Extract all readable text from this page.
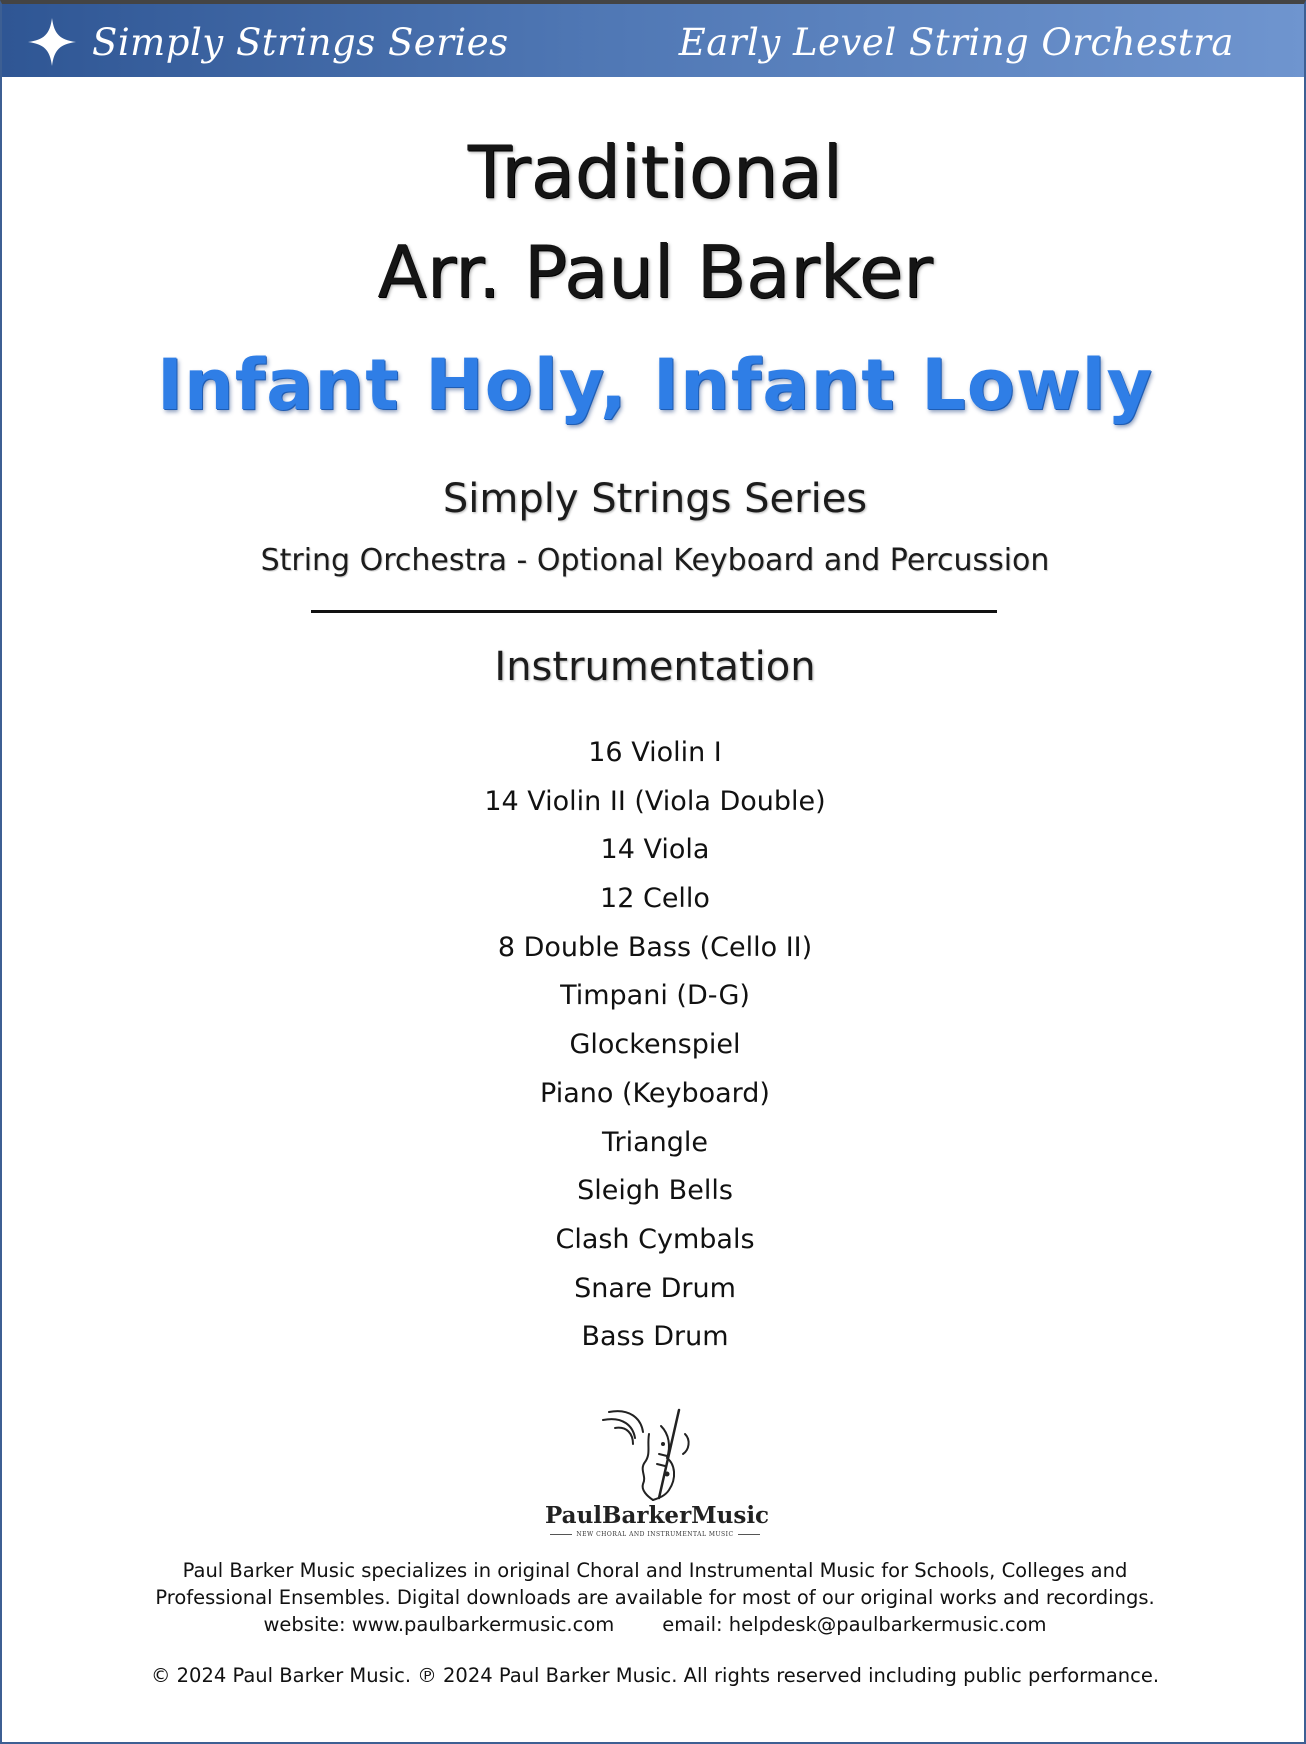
Simply Strings Series	Early Level String Orchestra
Traditional
Arr. Paul Barker
Infant Holy, Infant Lowly
Simply Strings Series
String Orchestra - Optional Keyboard and Percussion
Instrumentation
16 Violin I
14 Violin II (Viola Double)
14 Viola
12 Cello
8 Double Bass (Cello II)
Timpani (D-G)
Glockenspiel
Piano (Keyboard)
Triangle
Sleigh Bells
Clash Cymbals
Snare Drum
Bass Drum
PaulBarkerMusic
NEW CHORAL AND INSTRUMENTAL MUSIC
Paul Barker Music specializes in original Choral and Instrumental Music for Schools, Colleges and
Professional Ensembles. Digital downloads are available for most of our original works and recordings.
website: www.paulbarkermusic.com email: helpdesk@paulbarkermusic.com
© 2024 Paul Barker Music. ℗ 2024 Paul Barker Music. All rights reserved including public performance.
